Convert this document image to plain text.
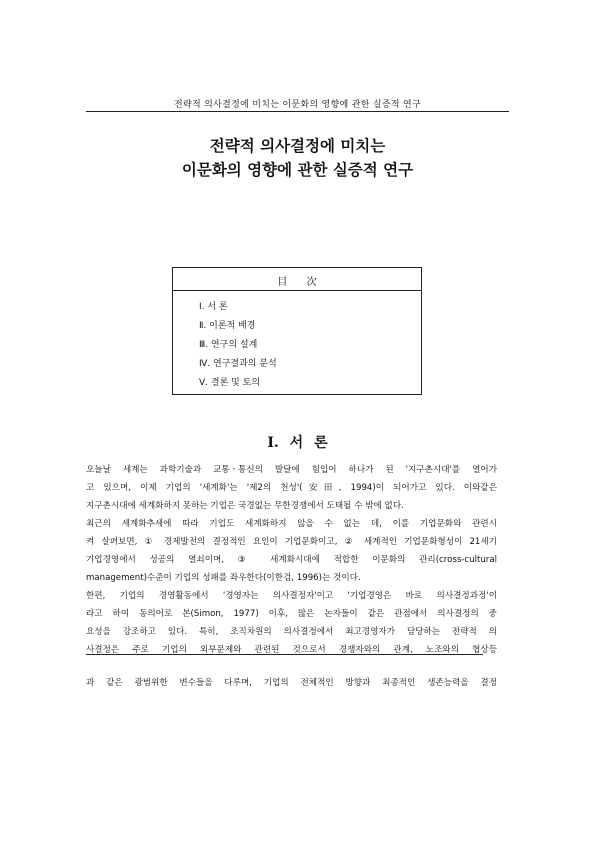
전략적 의사결정에 미치는 이문화의 영향에 관한 실증적 연구
전략적 의사결정에 미치는
이문화의 영향에 관한 실증적 연구
目 次
Ⅰ. 서 론
Ⅱ. 이론적 배경
Ⅲ. 연구의 설계
Ⅳ. 연구결과의 분석
Ⅴ. 결론 및 토의
Ⅰ. 서 론
오늘날 세계는 과학기술과 교통ㆍ통신의 발달에 힘입어 하나가 된 '지구촌시대'를 열어가
고 있으며, 이제 기업의 '세계화'는 '제2의 천성'(安田, 1994)이 되어가고 있다. 이와같은
지구촌시대에 세계화하지 못하는 기업은 국경없는 무한경쟁에서 도태될 수 밖에 없다.
최근의 세계화추세에 따라 기업도 세계화하지 않을 수 없는 데, 이를 기업문화와 관련시
켜 살펴보면, ① 경제발전의 결정적인 요인이 기업문화이고, ② 세계적인 기업문화형성이 21세기
기업경영에서 성공의 열쇠이며, ③ 세계화시대에 적합한 이문화의 관리(cross-cultural
management)수준이 기업의 성패를 좌우한다(이한검, 1996)는 것이다.
한편, 기업의 경영활동에서 '경영자는 의사결정자'이고 '기업경영은 바로 의사결정과정'이
라고 하여 동의어로 본(Simon, 1977) 이후, 많은 논자들이 같은 관점에서 의사결정의 중
요성을 강조하고 있다. 특히, 조직차원의 의사결정에서 최고경영자가 담당하는 전략적 의
사결정은 주로 기업의 외부문제와 관련된 것으로서 경쟁자와의 관계, 노조와의 협상등
과 같은 광범위한 변수들을 다루며, 기업의 전체적인 방향과 최종적인 생존능력을 결정
